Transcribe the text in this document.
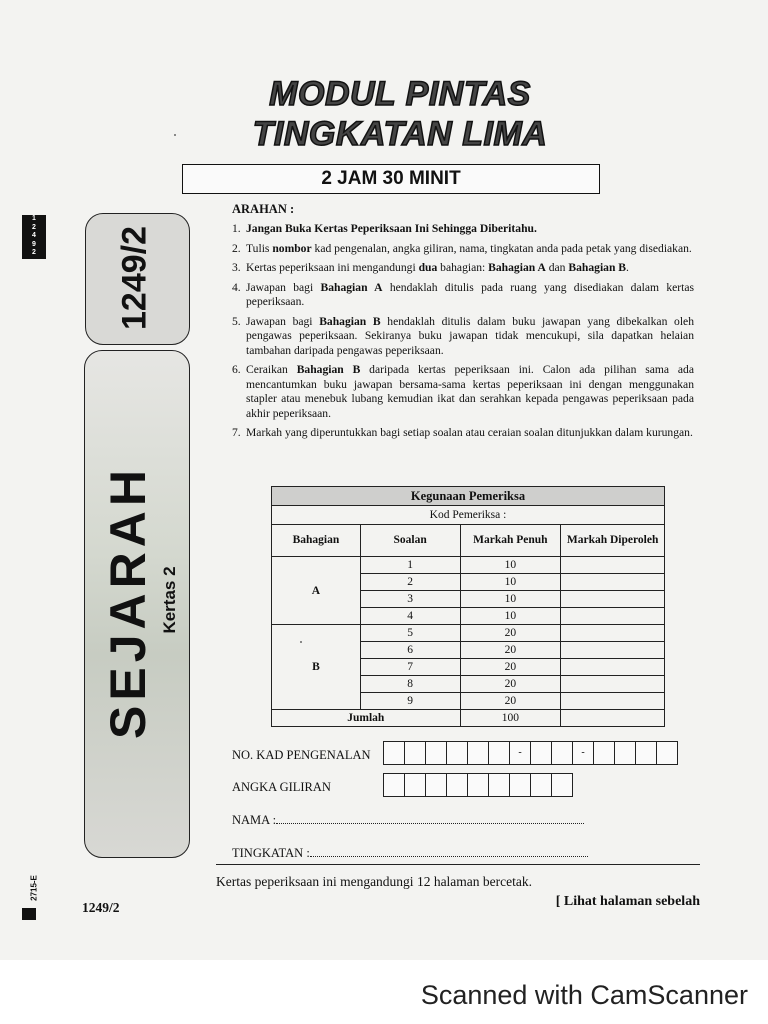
MODUL PINTAS
TINGKATAN LIMA
2 JAM 30 MINIT
1
2
4
9
2
2715-E
1249/2
SEJARAH Kertas 2
ARAHAN :
1. Jangan Buka Kertas Peperiksaan Ini Sehingga Diberitahu.
2. Tulis nombor kad pengenalan, angka giliran, nama, tingkatan anda pada petak yang disediakan.
3. Kertas peperiksaan ini mengandungi dua bahagian: Bahagian A dan Bahagian B.
4. Jawapan bagi Bahagian A hendaklah ditulis pada ruang yang disediakan dalam kertas peperiksaan.
5. Jawapan bagi Bahagian B hendaklah ditulis dalam buku jawapan yang dibekalkan oleh pengawas peperiksaan. Sekiranya buku jawapan tidak mencukupi, sila dapatkan helaian tambahan daripada pengawas peperiksaan.
6. Ceraikan Bahagian B daripada kertas peperiksaan ini. Calon ada pilihan sama ada mencantumkan buku jawapan bersama-sama kertas peperiksaan ini dengan menggunakan stapler atau menebuk lubang kemudian ikat dan serahkan kepada pengawas peperiksaan pada akhir peperiksaan.
7. Markah yang diperuntukkan bagi setiap soalan atau ceraian soalan ditunjukkan dalam kurungan.
Kegunaan Pemeriksa			
Kod Pemeriksa :			
Bahagian	Soalan	Markah Penuh	Markah Diperoleh
A	1	10	
	2	10	
	3	10	
	4	10	
B	5	20	
	6	20	
	7	20	
	8	20	
	9	20	
Jumlah		100	
NO. KAD PENGENALAN	-	-
ANGKA GILIRAN
NAMA :
TINGKATAN :
Kertas peperiksaan ini mengandungi 12 halaman bercetak.
1249/2	[ Lihat halaman sebelah
Scanned with CamScanner
